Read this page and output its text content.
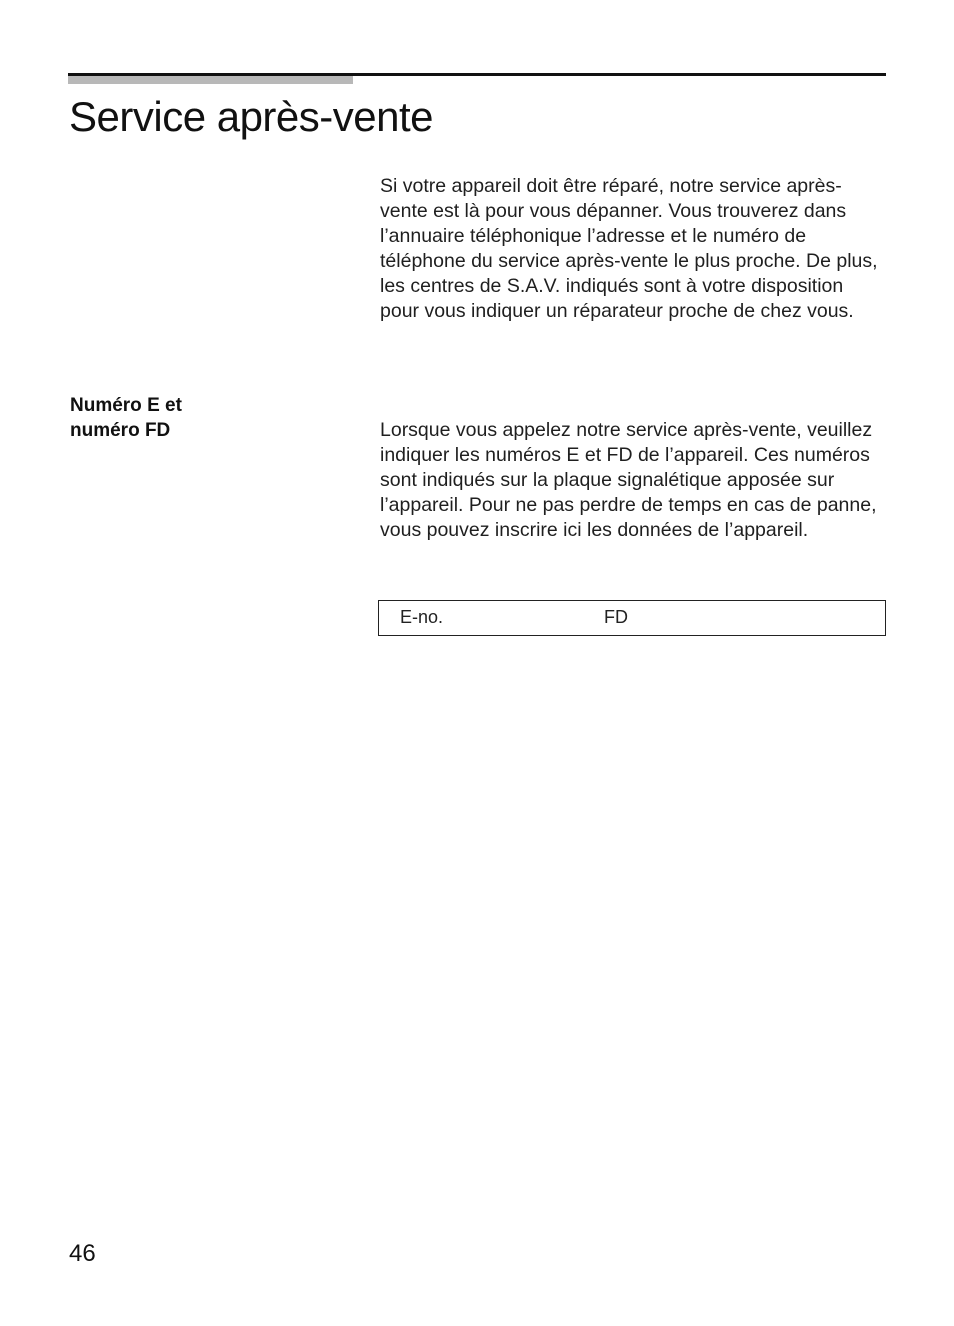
Service après-vente

Si votre appareil doit être réparé, notre service après-vente est là pour vous dépanner. Vous trouverez dans l’annuaire téléphonique l’adresse et le numéro de téléphone du service après-vente le plus proche. De plus, les centres de S.A.V. indiqués sont à votre disposition pour vous indiquer un réparateur proche de chez vous.

Numéro E et
numéro FD	Lorsque vous appelez notre service après-vente, veuillez indiquer les numéros E et FD de l’appareil. Ces numéros sont indiqués sur la plaque signalétique apposée sur l’appareil. Pour ne pas perdre de temps en cas de panne, vous pouvez inscrire ici les données de l’appareil.

E-no.	FD

46
